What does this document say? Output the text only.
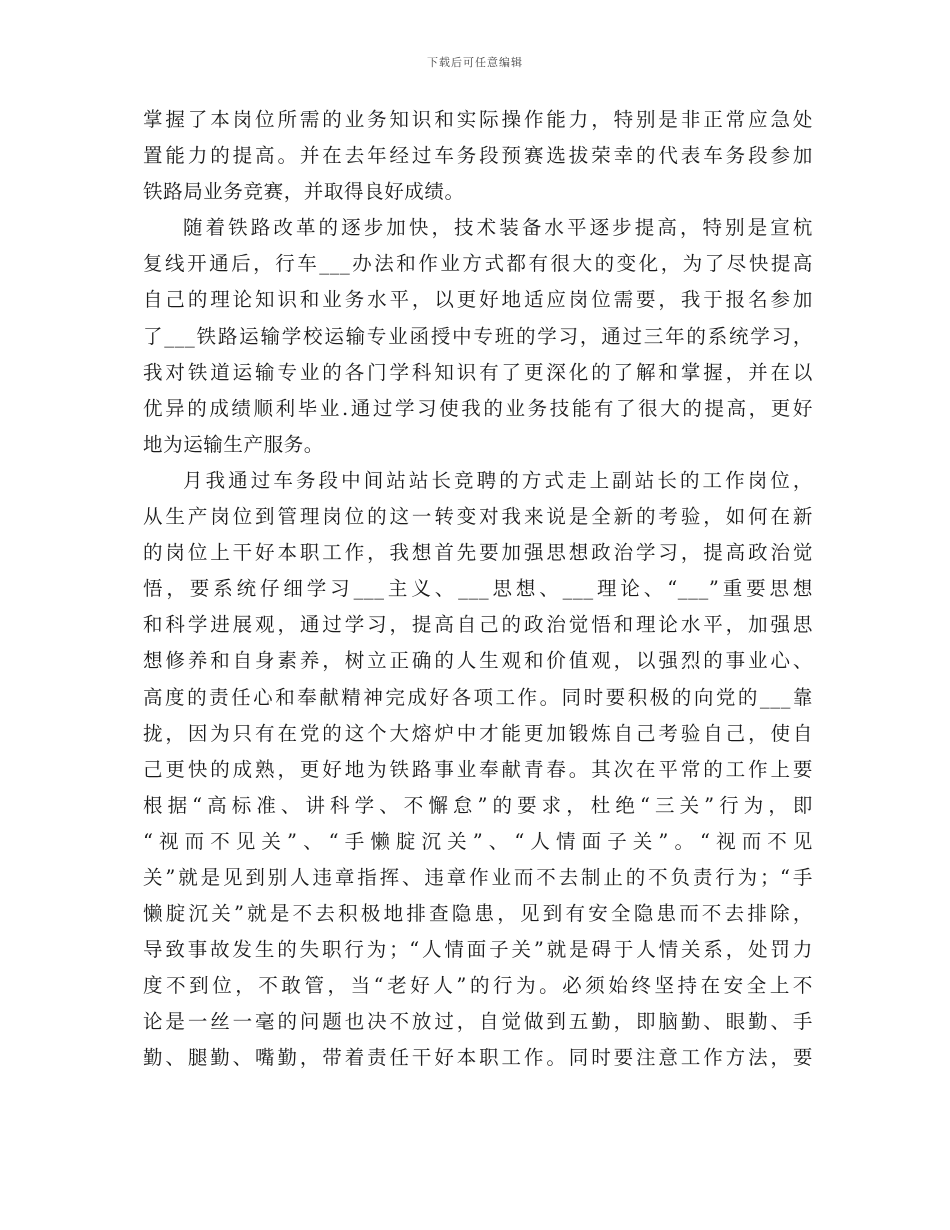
下载后可任意编辑
掌握了本岗位所需的业务知识和实际操作能力，特别是非正常应急处
置能力的提高。并在去年经过车务段预赛选拔荣幸的代表车务段参加
铁路局业务竞赛，并取得良好成绩。
随着铁路改革的逐步加快，技术装备水平逐步提高，特别是宣杭
复线开通后，行车___办法和作业方式都有很大的变化，为了尽快提高
自己的理论知识和业务水平，以更好地适应岗位需要，我于报名参加
了___铁路运输学校运输专业函授中专班的学习，通过三年的系统学习，
我对铁道运输专业的各门学科知识有了更深化的了解和掌握，并在以
优异的成绩顺利毕业.通过学习使我的业务技能有了很大的提高，更好
地为运输生产服务。
月我通过车务段中间站站长竞聘的方式走上副站长的工作岗位，
从生产岗位到管理岗位的这一转变对我来说是全新的考验，如何在新
的岗位上干好本职工作，我想首先要加强思想政治学习，提高政治觉
悟，要系统仔细学习___主义、___思想、___理论、“___”重要思想
和科学进展观，通过学习，提高自己的政治觉悟和理论水平，加强思
想修养和自身素养，树立正确的人生观和价值观，以强烈的事业心、
高度的责任心和奉献精神完成好各项工作。同时要积极的向党的___靠
拢，因为只有在党的这个大熔炉中才能更加锻炼自己考验自己，使自
己更快的成熟，更好地为铁路事业奉献青春。其次在平常的工作上要
根据“高标准、讲科学、不懈怠”的要求，杜绝“三关”行为，即
“视而不见关”、“手懒腚沉关”、“人情面子关”。“视而不见
关”就是见到别人违章指挥、违章作业而不去制止的不负责行为；“手
懒腚沉关”就是不去积极地排查隐患，见到有安全隐患而不去排除，
导致事故发生的失职行为；“人情面子关”就是碍于人情关系，处罚力
度不到位，不敢管，当“老好人”的行为。必须始终坚持在安全上不
论是一丝一毫的问题也决不放过，自觉做到五勤，即脑勤、眼勤、手
勤、腿勤、嘴勤，带着责任干好本职工作。同时要注意工作方法，要
